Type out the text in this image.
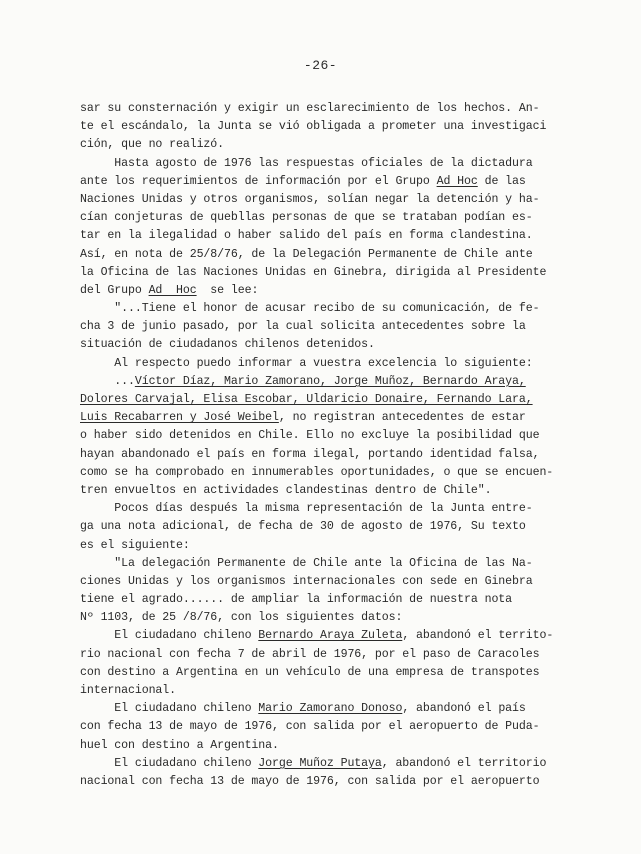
-26-
sar su consternación y exigir un esclarecimiento de los hechos. An-
te el escándalo, la Junta se vió obligada a prometer una investigaci
ción, que no realizó.
Hasta agosto de 1976 las respuestas oficiales de la dictadura
ante los requerimientos de información por el Grupo Ad Hoc de las
Naciones Unidas y otros organismos, solían negar la detención y ha-
cían conjeturas de quebllas personas de que se trataban podían es-
tar en la ilegalidad o haber salido del país en forma clandestina.
Así, en nota de 25/8/76, de la Delegación Permanente de Chile ante
la Oficina de las Naciones Unidas en Ginebra, dirigida al Presidente
del Grupo Ad  Hoc  se lee:
"...Tiene el honor de acusar recibo de su comunicación, de fe-
cha 3 de junio pasado, por la cual solicita antecedentes sobre la
situación de ciudadanos chilenos detenidos.
Al respecto puedo informar a vuestra excelencia lo siguiente:
...Víctor Díaz, Mario Zamorano, Jorge Muñoz, Bernardo Araya,
Dolores Carvajal, Elisa Escobar, Uldaricio Donaire, Fernando Lara,
Luis Recabarren y José Weibel, no registran antecedentes de estar
o haber sido detenidos en Chile. Ello no excluye la posibilidad que
hayan abandonado el país en forma ilegal, portando identidad falsa,
como se ha comprobado en innumerables oportunidades, o que se encuen-
tren envueltos en actividades clandestinas dentro de Chile".
Pocos días después la misma representación de la Junta entre-
ga una nota adicional, de fecha de 30 de agosto de 1976, Su texto
es el siguiente:
"La delegación Permanente de Chile ante la Oficina de las Na-
ciones Unidas y los organismos internacionales con sede en Ginebra
tiene el agrado...... de ampliar la información de nuestra nota
Nº 1103, de 25 /8/76, con los siguientes datos:
El ciudadano chileno Bernardo Araya Zuleta, abandonó el territo-
rio nacional con fecha 7 de abril de 1976, por el paso de Caracoles
con destino a Argentina en un vehículo de una empresa de transpotes
internacional.
El ciudadano chileno Mario Zamorano Donoso, abandonó el país
con fecha 13 de mayo de 1976, con salida por el aeropuerto de Puda-
huel con destino a Argentina.
El ciudadano chileno Jorge Muñoz Putaya, abandonó el territorio
nacional con fecha 13 de mayo de 1976, con salida por el aeropuerto
